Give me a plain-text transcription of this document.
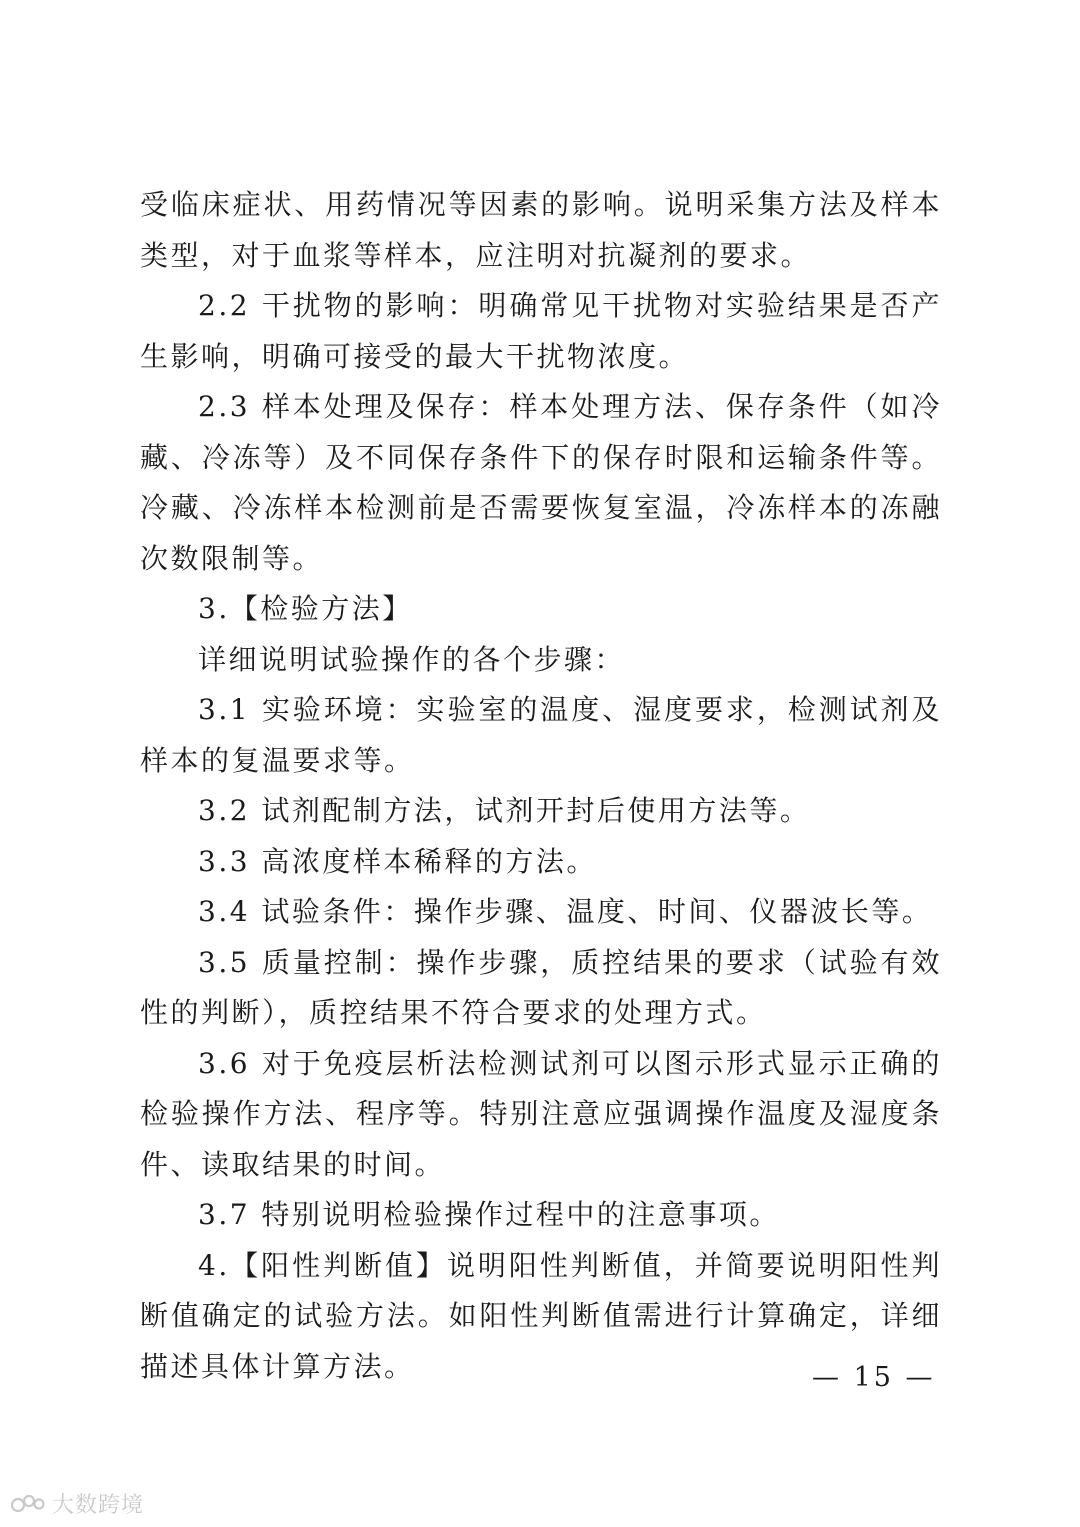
受临床症状、用药情况等因素的影响。说明采集方法及样本类型，对于血浆等样本，应注明对抗凝剂的要求。

2.2 干扰物的影响：明确常见干扰物对实验结果是否产生影响，明确可接受的最大干扰物浓度。

2.3 样本处理及保存：样本处理方法、保存条件（如冷藏、冷冻等）及不同保存条件下的保存时限和运输条件等。冷藏、冷冻样本检测前是否需要恢复室温，冷冻样本的冻融次数限制等。

3.【检验方法】

详细说明试验操作的各个步骤：

3.1 实验环境：实验室的温度、湿度要求，检测试剂及样本的复温要求等。

3.2 试剂配制方法，试剂开封后使用方法等。

3.3 高浓度样本稀释的方法。

3.4 试验条件：操作步骤、温度、时间、仪器波长等。

3.5 质量控制：操作步骤，质控结果的要求（试验有效性的判断），质控结果不符合要求的处理方式。

3.6 对于免疫层析法检测试剂可以图示形式显示正确的检验操作方法、程序等。特别注意应强调操作温度及湿度条件、读取结果的时间。

3.7 特别说明检验操作过程中的注意事项。

4.【阳性判断值】说明阳性判断值，并简要说明阳性判断值确定的试验方法。如阳性判断值需进行计算确定，详细描述具体计算方法。	— 15 —
大数跨境
